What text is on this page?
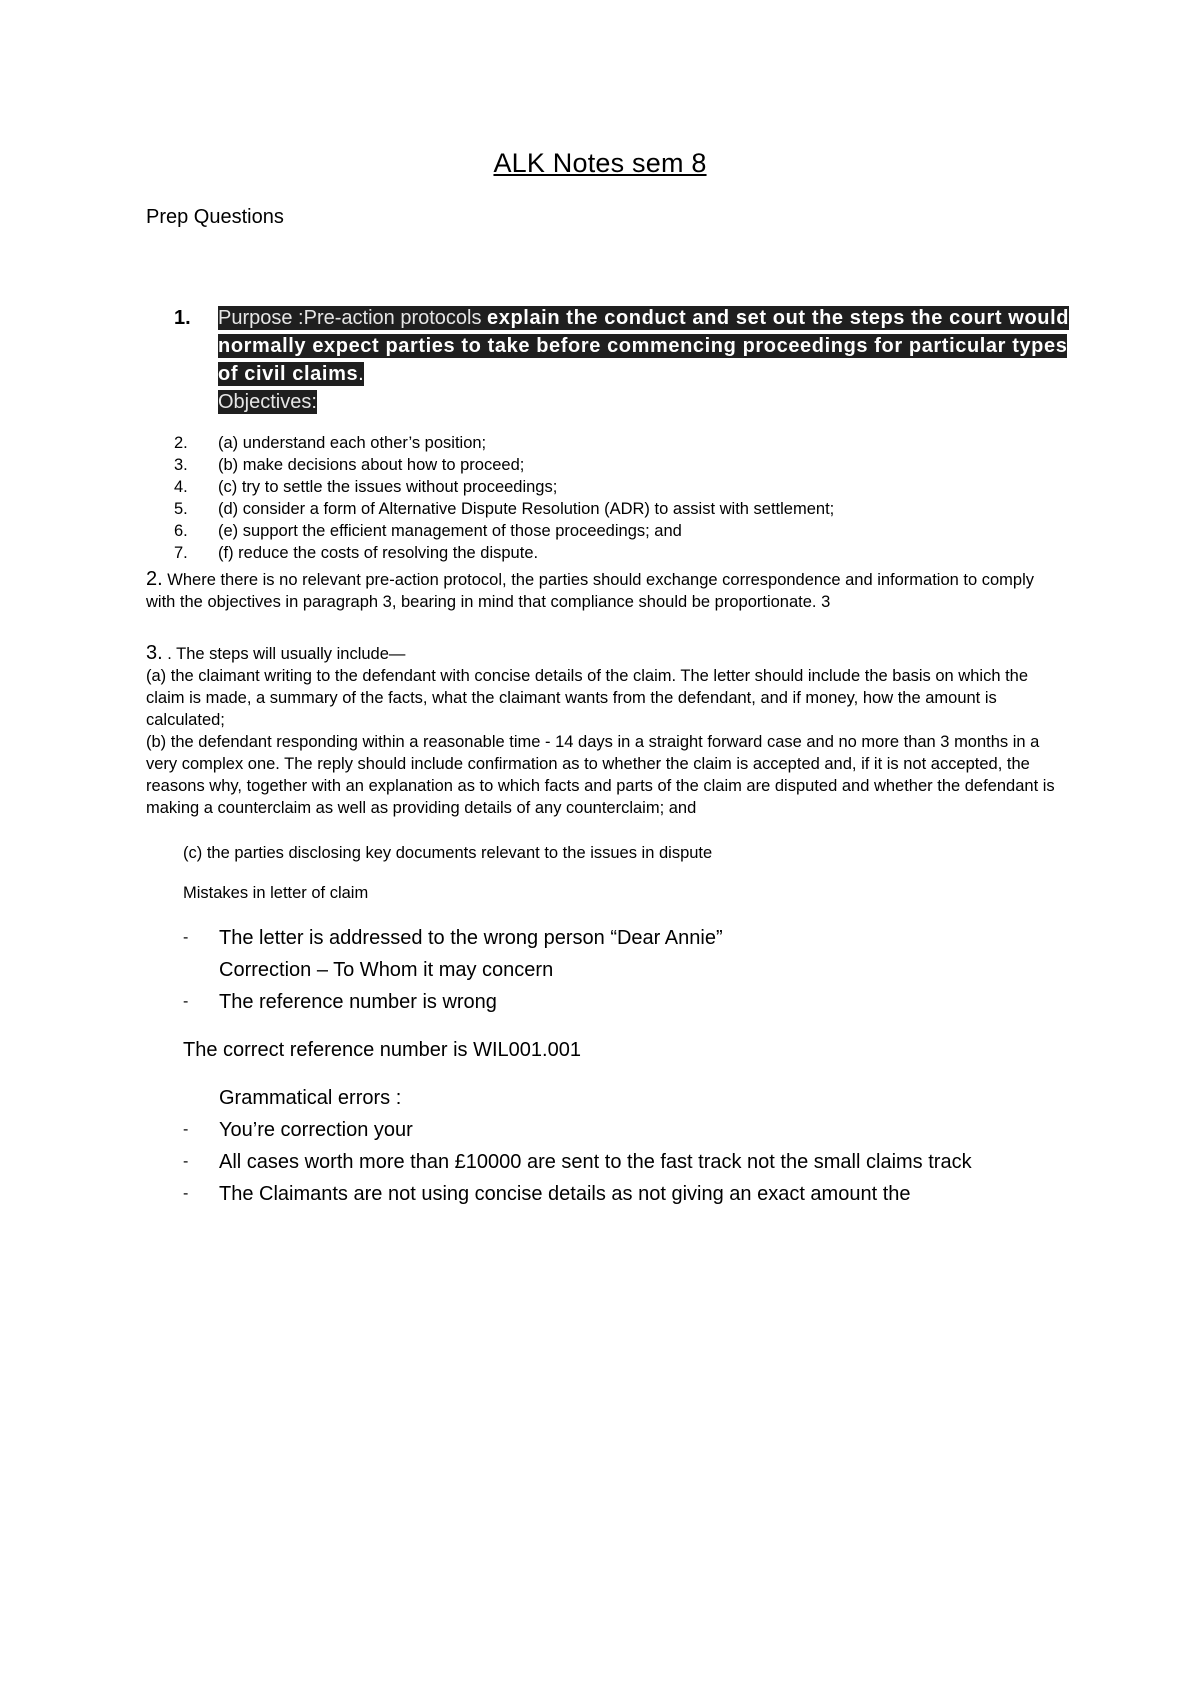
ALK Notes sem 8
Prep Questions
1. Purpose :Pre-action protocols explain the conduct and set out the steps the court would normally expect parties to take before commencing proceedings for particular types of civil claims.
Objectives:
2.	(a) understand each other’s position;
3.	(b) make decisions about how to proceed;
4.	(c) try to settle the issues without proceedings;
5.	(d) consider a form of Alternative Dispute Resolution (ADR) to assist with settlement;
6.	(e) support the efficient management of those proceedings; and
7.	(f) reduce the costs of resolving the dispute.
2. Where there is no relevant pre-action protocol, the parties should exchange correspondence and information to comply with the objectives in paragraph 3, bearing in mind that compliance should be proportionate. 3
3. . The steps will usually include—
(a) the claimant writing to the defendant with concise details of the claim. The letter should include the basis on which the claim is made, a summary of the facts, what the claimant wants from the defendant, and if money, how the amount is calculated;
(b) the defendant responding within a reasonable time - 14 days in a straight forward case and no more than 3 months in a very complex one. The reply should include confirmation as to whether the claim is accepted and, if it is not accepted, the reasons why, together with an explanation as to which facts and parts of the claim are disputed and whether the defendant is making a counterclaim as well as providing details of any counterclaim; and
(c) the parties disclosing key documents relevant to the issues in dispute
Mistakes in letter of claim
-	The letter is addressed to the wrong person “Dear Annie”
Correction – To Whom it may concern
-	The reference number is wrong
The correct reference number is WIL001.001
Grammatical errors :
-	You’re correction your
-	All cases worth more than £10000 are sent to the fast track not the small claims track
-	The Claimants are not using concise details as not giving an exact amount the
